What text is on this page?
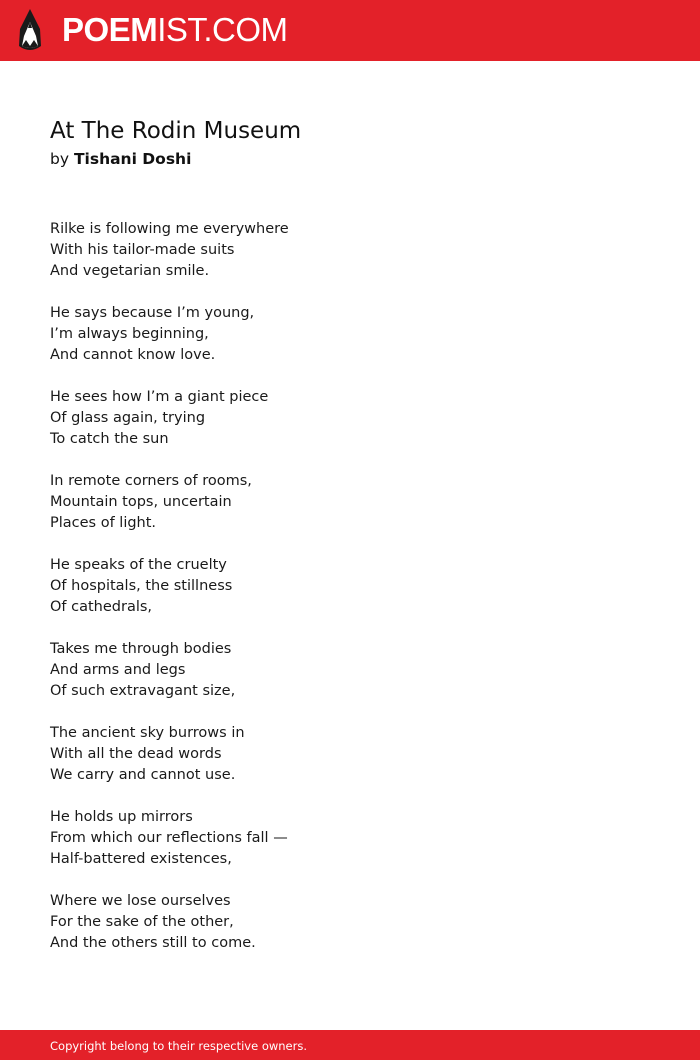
POEMIST.COM
At The Rodin Museum
by Tishani Doshi
Rilke is following me everywhere
With his tailor-made suits
And vegetarian smile.
He says because I’m young,
I’m always beginning,
And cannot know love.
He sees how I’m a giant piece
Of glass again, trying
To catch the sun
In remote corners of rooms,
Mountain tops, uncertain
Places of light.
He speaks of the cruelty
Of hospitals, the stillness
Of cathedrals,
Takes me through bodies
And arms and legs
Of such extravagant size,
The ancient sky burrows in
With all the dead words
We carry and cannot use.
He holds up mirrors
From which our reflections fall —
Half-battered existences,
Where we lose ourselves
For the sake of the other,
And the others still to come.
Copyright belong to their respective owners.
